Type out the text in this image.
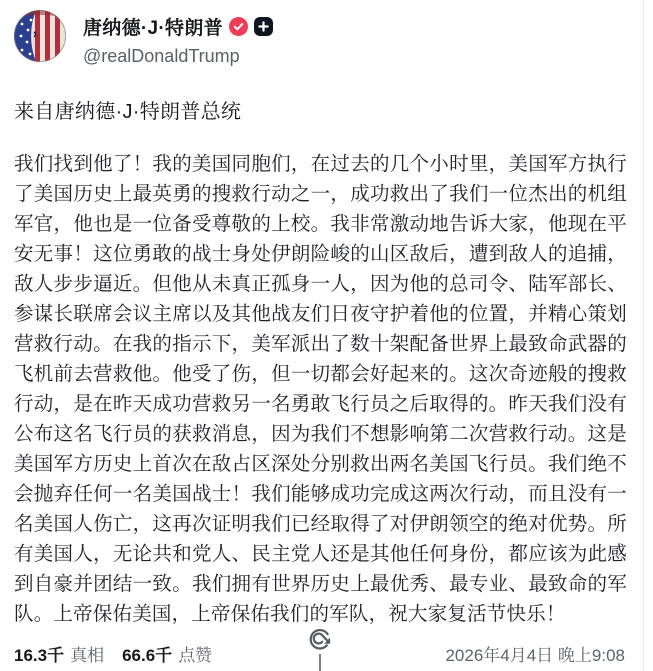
唐纳德·J·特朗普
@realDonaldTrump
来自唐纳德·J·特朗普总统
我们找到他了！我的美国同胞们，在过去的几个小时里，美国军方执行了美国历史上最英勇的搜救行动之一，成功救出了我们一位杰出的机组军官，他也是一位备受尊敬的上校。我非常激动地告诉大家，他现在平安无事！这位勇敢的战士身处伊朗险峻的山区敌后，遭到敌人的追捕，敌人步步逼近。但他从未真正孤身一人，因为他的总司令、陆军部长、参谋长联席会议主席以及其他战友们日夜守护着他的位置，并精心策划营救行动。在我的指示下，美军派出了数十架配备世界上最致命武器的飞机前去营救他。他受了伤，但一切都会好起来的。这次奇迹般的搜救行动，是在昨天成功营救另一名勇敢飞行员之后取得的。昨天我们没有公布这名飞行员的获救消息，因为我们不想影响第二次营救行动。这是美国军方历史上首次在敌占区深处分别救出两名美国飞行员。我们绝不会抛弃任何一名美国战士！我们能够成功完成这两次行动，而且没有一名美国人伤亡，这再次证明我们已经取得了对伊朗领空的绝对优势。所有美国人，无论共和党人、民主党人还是其他任何身份，都应该为此感到自豪并团结一致。我们拥有世界历史上最优秀、最专业、最致命的军队。上帝保佑美国，上帝保佑我们的军队，祝大家复活节快乐！
16.3千 真相 66.6千 点赞	2026年4月4日 晚上9:08
